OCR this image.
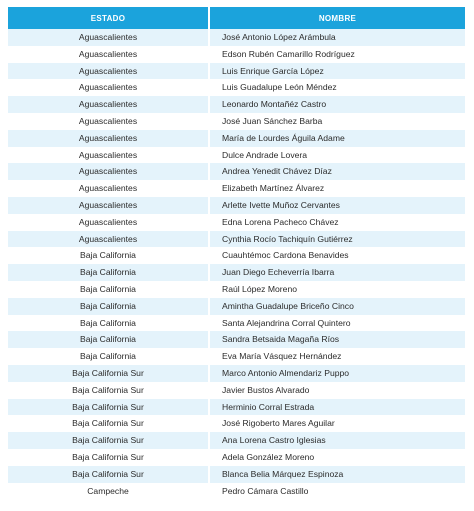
ESTADO	NOMBRE
Aguascalientes	José Antonio López Arámbula
Aguascalientes	Edson Rubén Camarillo Rodríguez
Aguascalientes	Luis Enrique García López
Aguascalientes	Luis Guadalupe León Méndez
Aguascalientes	Leonardo Montañéz Castro
Aguascalientes	José Juan Sánchez Barba
Aguascalientes	María de Lourdes Águila Adame
Aguascalientes	Dulce Andrade Lovera
Aguascalientes	Andrea Yenedit Chávez Díaz
Aguascalientes	Elizabeth Martínez Álvarez
Aguascalientes	Arlette Ivette Muñoz Cervantes
Aguascalientes	Edna Lorena Pacheco Chávez
Aguascalientes	Cynthia Rocío Tachiquín Gutiérrez
Baja California	Cuauhtémoc Cardona Benavides
Baja California	Juan Diego Echeverría Ibarra
Baja California	Raúl López Moreno
Baja California	Amintha Guadalupe Briceño Cinco
Baja California	Santa Alejandrina Corral Quintero
Baja California	Sandra Betsaida Magaña Ríos
Baja California	Eva María Vásquez Hernández
Baja California Sur	Marco Antonio Almendariz Puppo
Baja California Sur	Javier Bustos Alvarado
Baja California Sur	Herminio Corral Estrada
Baja California Sur	José Rigoberto Mares Aguilar
Baja California Sur	Ana Lorena Castro Iglesias
Baja California Sur	Adela González Moreno
Baja California Sur	Blanca Belia Márquez Espinoza
Campeche	Pedro Cámara Castillo
